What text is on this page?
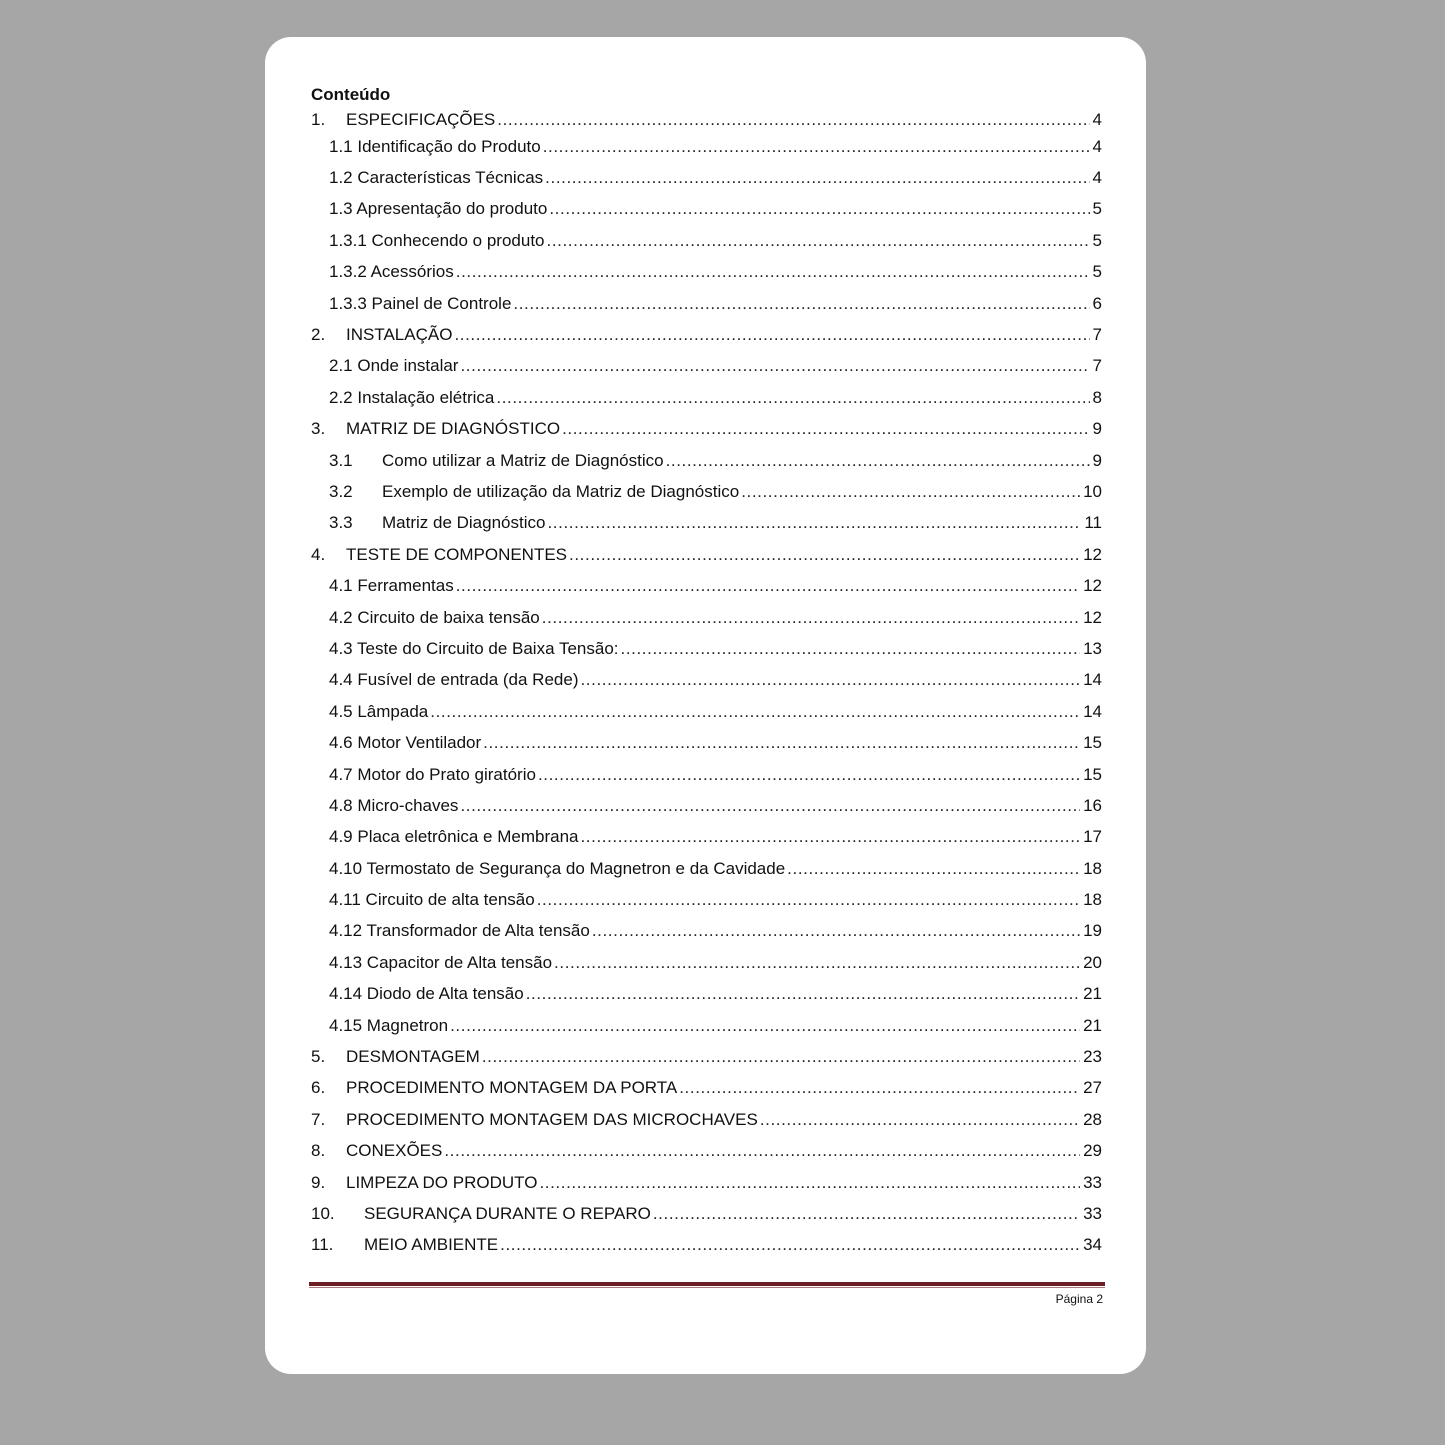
Conteúdo
1.	ESPECIFICAÇÕES .....	4
1.1 Identificação do Produto .....	4
1.2 Características Técnicas .....	4
1.3 Apresentação do produto .....	5
1.3.1 Conhecendo o produto .....	5
1.3.2 Acessórios .....	5
1.3.3 Painel de Controle .....	6
2.	INSTALAÇÃO .....	7
2.1 Onde instalar .....	7
2.2 Instalação elétrica .....	8
3.	MATRIZ DE DIAGNÓSTICO .....	9
3.1	Como utilizar a Matriz de Diagnóstico .....	9
3.2	Exemplo de utilização da Matriz de Diagnóstico .....	10
3.3	Matriz de Diagnóstico .....	11
4.	TESTE DE COMPONENTES .....	12
4.1 Ferramentas .....	12
4.2 Circuito de baixa tensão .....	12
4.3 Teste do Circuito de Baixa Tensão: .....	13
4.4 Fusível de entrada (da Rede) .....	14
4.5 Lâmpada .....	14
4.6 Motor Ventilador .....	15
4.7 Motor do Prato giratório .....	15
4.8 Micro-chaves .....	16
4.9 Placa eletrônica e Membrana .....	17
4.10 Termostato de Segurança do Magnetron e da Cavidade .....	18
4.11 Circuito de alta tensão .....	18
4.12 Transformador de Alta tensão .....	19
4.13 Capacitor de Alta tensão .....	20
4.14 Diodo de Alta tensão .....	21
4.15 Magnetron .....	21
5.	DESMONTAGEM .....	23
6.	PROCEDIMENTO MONTAGEM DA PORTA .....	27
7.	PROCEDIMENTO MONTAGEM DAS MICROCHAVES .....	28
8.	CONEXÕES .....	29
9.	LIMPEZA DO PRODUTO .....	33
10.	SEGURANÇA DURANTE O REPARO .....	33
11.	MEIO AMBIENTE .....	34
Página 2
